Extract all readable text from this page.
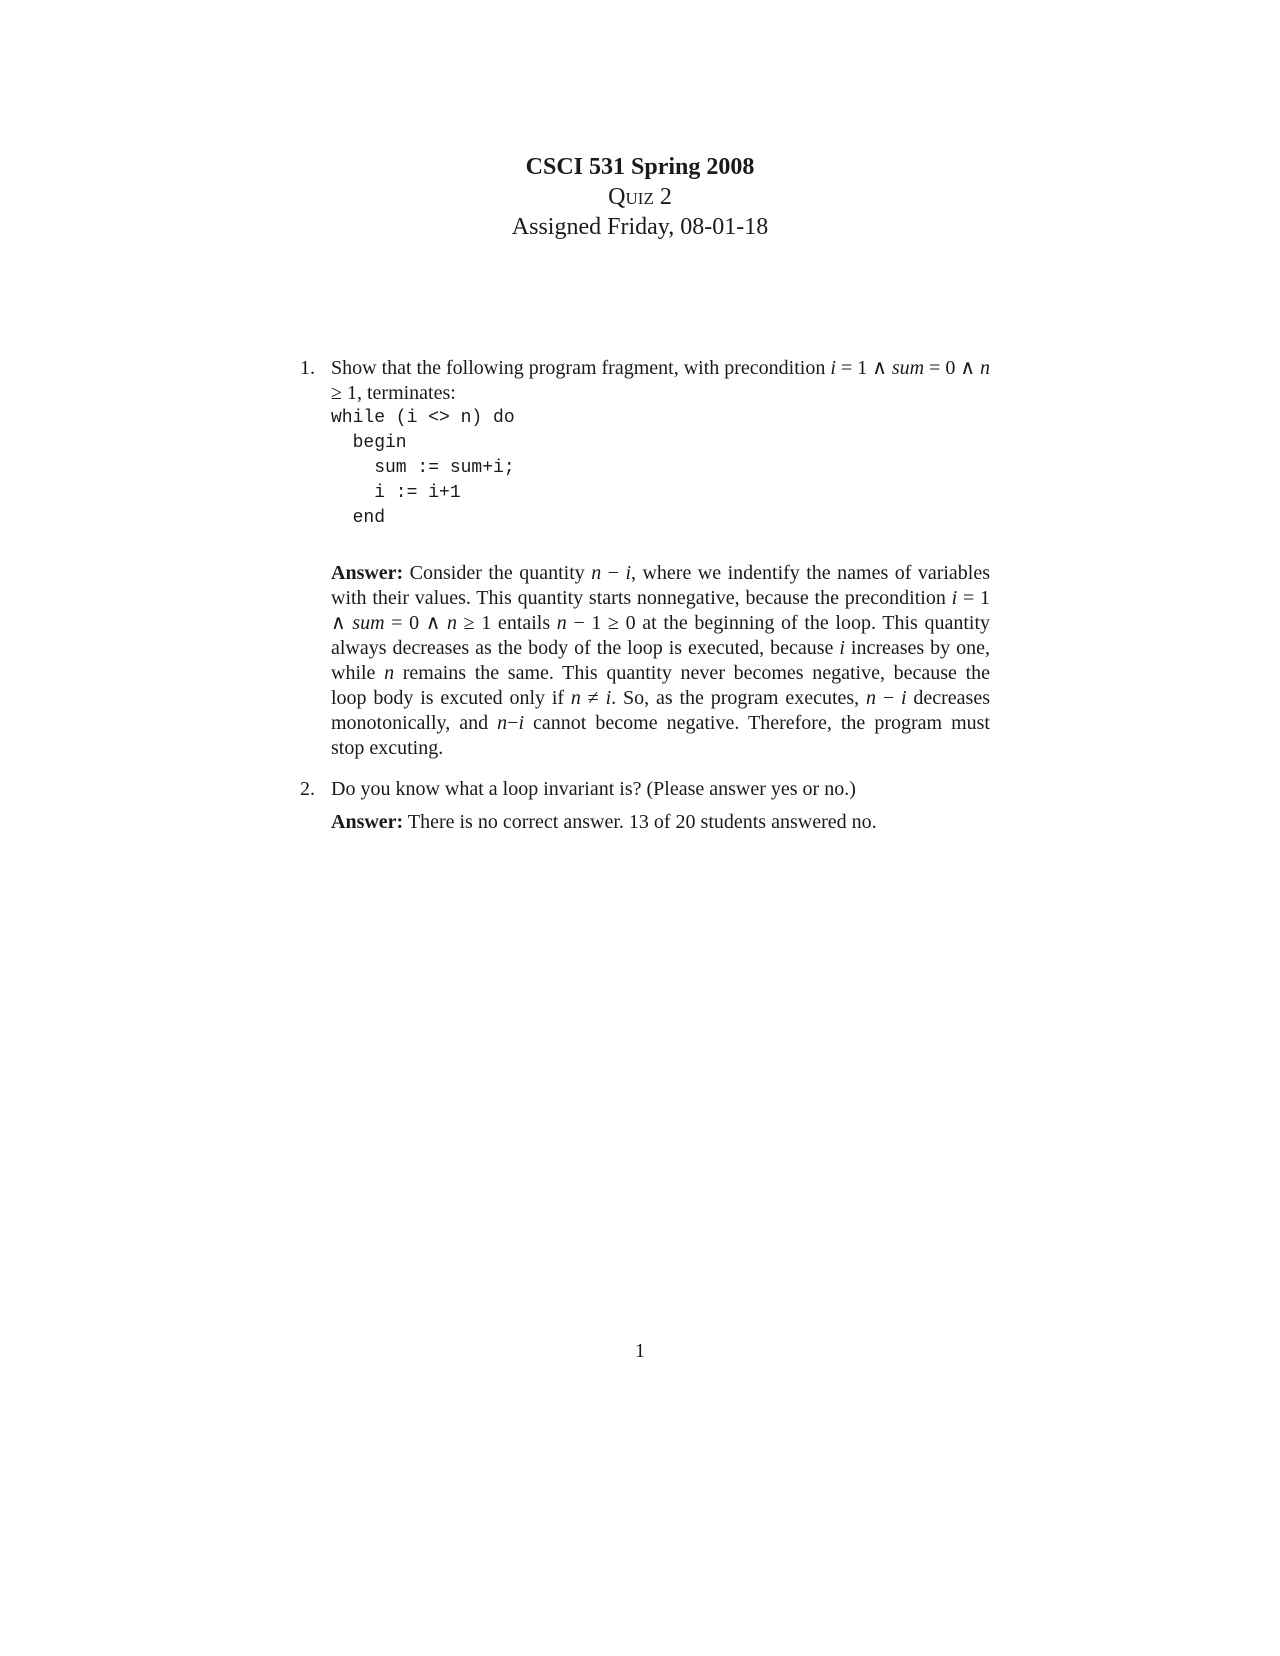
CSCI 531 Spring 2008

Quiz 2

Assigned Friday, 08-01-18

1. Show that the following program fragment, with precondition i = 1 ∧ sum = 0 ∧ n ≥ 1, terminates:
while (i <> n) do
begin
sum := sum+i;
i := i+1
end
Answer: Consider the quantity n − i, where we indentify the names of variables with their values. This quantity starts nonnegative, because the precondition i = 1 ∧ sum = 0 ∧ n ≥ 1 entails n − 1 ≥ 0 at the beginning of the loop. This quantity always decreases as the body of the loop is executed, because i increases by one, while n remains the same. This quantity never becomes negative, because the loop body is excuted only if n ≠ i. So, as the program executes, n − i decreases monotonically, and n−i cannot become negative. Therefore, the program must stop excuting.
2. Do you know what a loop invariant is? (Please answer yes or no.)
Answer: There is no correct answer. 13 of 20 students answered no.
1
